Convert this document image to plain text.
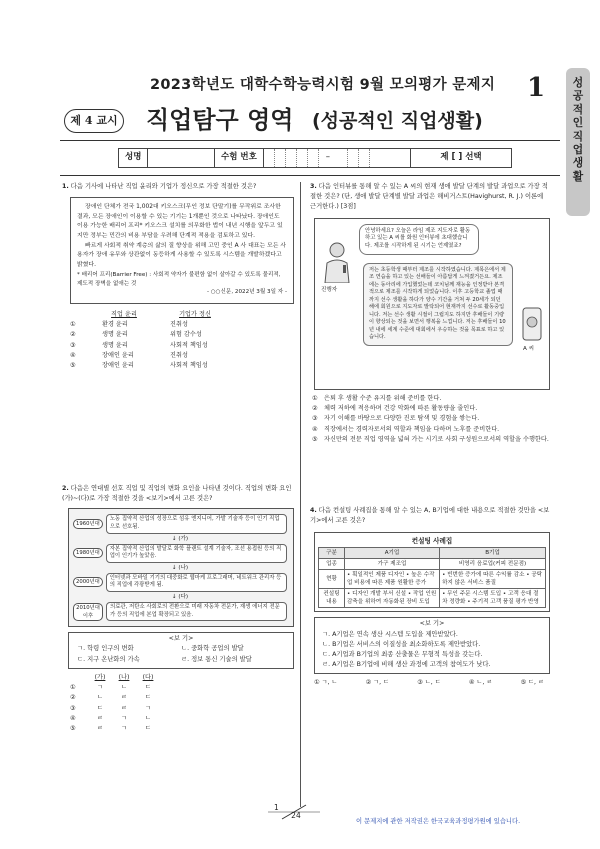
2023학년도 대학수학능력시험 9월 모의평가 문제지 1	성
공
적
인
직
업
생
활
제 4 교시 직업탐구 영역 (성공적인 직업생활)
성명	수험 번호	–	제 [ ] 선택
1. 다음 기사에 나타난 직업 윤리와 기업가 정신으로 가장 적절한 것은?

장애인 단체가 전국 1,002대 키오스크(무인 정보 단말기)를 무작위로 조사한 결과, 모든 장애인이 이용할 수 있는 기기는 1개뿐인 것으로 나타났다. 장애인도 이용 가능한 배리어 프리* 키오스크 설치를 의무화한 법이 내년 시행을 앞두고 있지만 정부는 민간의 비용 부담을 우려해 단계적 적용을 검토하고 있다.

빠르게 사회적 취약 계층의 삶의 질 향상을 위해 고민 중인 A 사 대표는 모든 사용자가 장애 유무와 상관없이 동등하게 사용할 수 있도록 시스템을 개발하겠다고 밝혔다.

* 배리어 프리(Barrier Free) : 사회적 약자가 불편함 없이 살아갈 수 있도록 물리적, 제도적 장벽을 없애는 것

- ○○신문, 2022년 3월 3일 자 -

직업 윤리	기업가 정신
①	환경 윤리	진취성
②	생명 윤리	위험 감수성
③	생명 윤리	사회적 책임성
④	장애인 윤리	진취성
⑤	장애인 윤리	사회적 책임성
2. 다음은 연대별 선호 직업 및 직업의 변화 요인을 나타낸 것이다. 직업의 변화 요인 (가)~(다)로 가장 적절한 것을 <보기>에서 고른 것은?
1960년대
노동 집약적 산업의 성장으로 섬유 엔지니어, 가발 기술자 등이 인기 직업으로 선호됨.
↓ (가)
1980년대
자본 집약적 산업의 발달로 화학 플랜트 설계 기술자, 조선 용접원 등의 직업이 인기가 높았음.
↓ (나)
2000년대
인터넷과 모바일 기기의 대중화로 웹마케 프로그래머, 네트워크 관리자 등의 직업에 각광받게 됨.
↓ (다)
2010년대 이후
의료관, 저탄소 사회로의 전환으로 미래 자동차 전문가, 재생 에너지 전문가 등의 직업에 본업 확장되고 있음.
<보 기>
ㄱ. 학령 인구의 변화	ㄴ. 중화학 공업의 발달
ㄷ. 지구 온난화의 가속	ㄹ. 정보 통신 기술의 발달
(가)	(나)	(다)
①	ㄱ	ㄴ	ㄷ
②	ㄴ	ㄹ	ㄷ
③	ㄷ	ㄹ	ㄱ
④	ㄹ	ㄱ	ㄴ
⑤	ㄹ	ㄱ	ㄷ
3. 다음 인터뷰를 통해 알 수 있는 A 씨의 현재 생애 발달 단계의 발달 과업으로 가장 적절한 것은? (단, 생애 발달 단계별 발달 과업은 해비거스트(Havighurst, R. J.) 이론에 근거한다.) [3점]
안녕하세요? 오늘은 라임 제조 지도자로 활동하고 있는 A 씨를 화원 인터뷰에 초대했습니다. 제조를 시작하게 된 시기는 언제였죠?
진행자
저는 초등학생 때부터 제조를 시작하였습니다. 제목은에서 제조 연습을 하고 있는 선배들이 아름답게 느껴졌거든요. 제조에는 동아리에 가입했었는데 코치님께 재능을 인정받아 본격적으로 제조를 시작하게 되었습니다. 이후 고등학교 졸업 때까지 선수 생활을 하다가 양수 기간을 거쳐 두 20세가 되던 해에 회원으로 지도자로 발탁되어 현재까지 선수로 활동중입니다. 저는 선수 생활 시절이 그립지도 하지만 후배들이 기량이 향상되는 것을 보면서 행복을 느낍니다. 저는 후배들이 10년 내에 세계 수준에 대회에서 우승하는 것을 목표로 하고 있습니다.
A 씨
①	은퇴 후 생활 수준 유지를 위해 준비를 한다.
②	체력 저하에 적응하며 건강 악화에 따른 활동량을 줄인다.
③	자기 이해를 바탕으로 다양한 진로 탐색 및 경험을 쌓는다.
④	직장에서는 경력자로서의 역할과 책임을 다하며 노후를 준비한다.
⑤	자신만의 전문 직업 영역을 넓혀 가는 시기로 사회 구성원으로서의 역할을 수행한다.
4. 다음 컨설팅 사례집을 통해 알 수 있는 A, B기업에 대한 내용으로 적절한 것만을 <보기>에서 고른 것은?
컨설팅 사례집
구분	A기업	B기업
업종	가구 제조업	비영리 음료업(커피 전문점)
현황	• 획일적인 제품 디자인 • 높은 수작업 비용에 따른 제품 원활한 증가	• 빈번한 증가에 따른 수익률 감소 • 공탁하지 않은 서비스 품질
컨설팅 내용	• 디자인 개발 부서 신설 • 작업 인원 감축을 위하여 자동화된 장비 도입	• 무인 주문 시스템 도입 • 고객 응대 절차 정량화 • 주기적 고객 품질 평가 반영
<보 기>
ㄱ. A기업은 연속 생산 시스템 도입을 제안받았다.
ㄴ. B기업은 서비스의 이질성을 최소화하도록 제안받았다.
ㄷ. A기업과 B기업의 최종 산출물은 무형적 특성을 갖는다.
ㄹ. A기업은 B기업에 비해 생산 과정에 고객의 참여도가 낮다.
① ㄱ, ㄴ	② ㄱ, ㄷ	③ ㄴ, ㄷ	④ ㄴ, ㄹ	⑤ ㄷ, ㄹ
1 24
이 문제지에 관한 저작권은 한국교육과정평가원에 있습니다.
